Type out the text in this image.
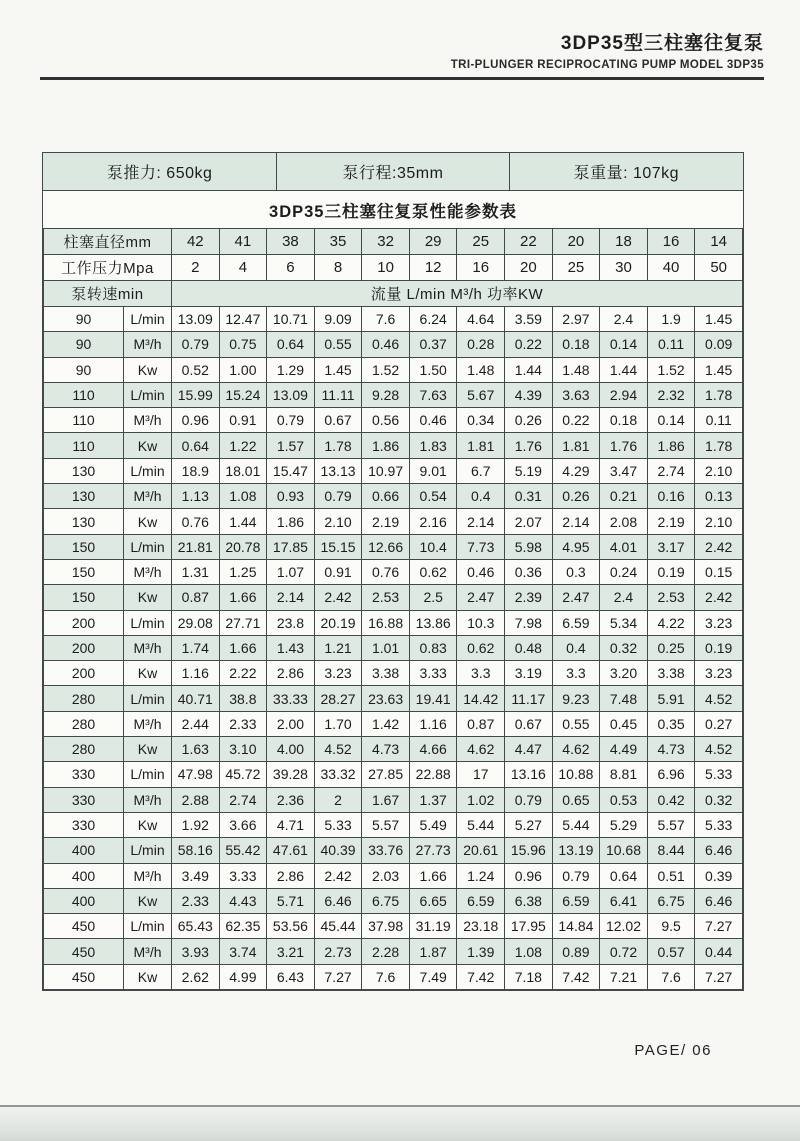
3DP35型三柱塞往复泵
TRI-PLUNGER RECIPROCATING PUMP MODEL 3DP35
泵推力: 650kg	泵行程:35mm	泵重量: 107kg
3DP35三柱塞往复泵性能参数表
柱塞直径mm		42	41	38	35	32	29	25	22	20	18	16	14
工作压力Mpa		2	4	6	8	10	12	16	20	25	30	40	50
泵转速min		流量 L/min M³/h 功率KW											
90	L/min	13.09	12.47	10.71	9.09	7.6	6.24	4.64	3.59	2.97	2.4	1.9	1.45
90	M³/h	0.79	0.75	0.64	0.55	0.46	0.37	0.28	0.22	0.18	0.14	0.11	0.09
90	Kw	0.52	1.00	1.29	1.45	1.52	1.50	1.48	1.44	1.48	1.44	1.52	1.45
110	L/min	15.99	15.24	13.09	11.11	9.28	7.63	5.67	4.39	3.63	2.94	2.32	1.78
110	M³/h	0.96	0.91	0.79	0.67	0.56	0.46	0.34	0.26	0.22	0.18	0.14	0.11
110	Kw	0.64	1.22	1.57	1.78	1.86	1.83	1.81	1.76	1.81	1.76	1.86	1.78
130	L/min	18.9	18.01	15.47	13.13	10.97	9.01	6.7	5.19	4.29	3.47	2.74	2.10
130	M³/h	1.13	1.08	0.93	0.79	0.66	0.54	0.4	0.31	0.26	0.21	0.16	0.13
130	Kw	0.76	1.44	1.86	2.10	2.19	2.16	2.14	2.07	2.14	2.08	2.19	2.10
150	L/min	21.81	20.78	17.85	15.15	12.66	10.4	7.73	5.98	4.95	4.01	3.17	2.42
150	M³/h	1.31	1.25	1.07	0.91	0.76	0.62	0.46	0.36	0.3	0.24	0.19	0.15
150	Kw	0.87	1.66	2.14	2.42	2.53	2.5	2.47	2.39	2.47	2.4	2.53	2.42
200	L/min	29.08	27.71	23.8	20.19	16.88	13.86	10.3	7.98	6.59	5.34	4.22	3.23
200	M³/h	1.74	1.66	1.43	1.21	1.01	0.83	0.62	0.48	0.4	0.32	0.25	0.19
200	Kw	1.16	2.22	2.86	3.23	3.38	3.33	3.3	3.19	3.3	3.20	3.38	3.23
280	L/min	40.71	38.8	33.33	28.27	23.63	19.41	14.42	11.17	9.23	7.48	5.91	4.52
280	M³/h	2.44	2.33	2.00	1.70	1.42	1.16	0.87	0.67	0.55	0.45	0.35	0.27
280	Kw	1.63	3.10	4.00	4.52	4.73	4.66	4.62	4.47	4.62	4.49	4.73	4.52
330	L/min	47.98	45.72	39.28	33.32	27.85	22.88	17	13.16	10.88	8.81	6.96	5.33
330	M³/h	2.88	2.74	2.36	2	1.67	1.37	1.02	0.79	0.65	0.53	0.42	0.32
330	Kw	1.92	3.66	4.71	5.33	5.57	5.49	5.44	5.27	5.44	5.29	5.57	5.33
400	L/min	58.16	55.42	47.61	40.39	33.76	27.73	20.61	15.96	13.19	10.68	8.44	6.46
400	M³/h	3.49	3.33	2.86	2.42	2.03	1.66	1.24	0.96	0.79	0.64	0.51	0.39
400	Kw	2.33	4.43	5.71	6.46	6.75	6.65	6.59	6.38	6.59	6.41	6.75	6.46
450	L/min	65.43	62.35	53.56	45.44	37.98	31.19	23.18	17.95	14.84	12.02	9.5	7.27
450	M³/h	3.93	3.74	3.21	2.73	2.28	1.87	1.39	1.08	0.89	0.72	0.57	0.44
450	Kw	2.62	4.99	6.43	7.27	7.6	7.49	7.42	7.18	7.42	7.21	7.6	7.27
PAGE/ 06
